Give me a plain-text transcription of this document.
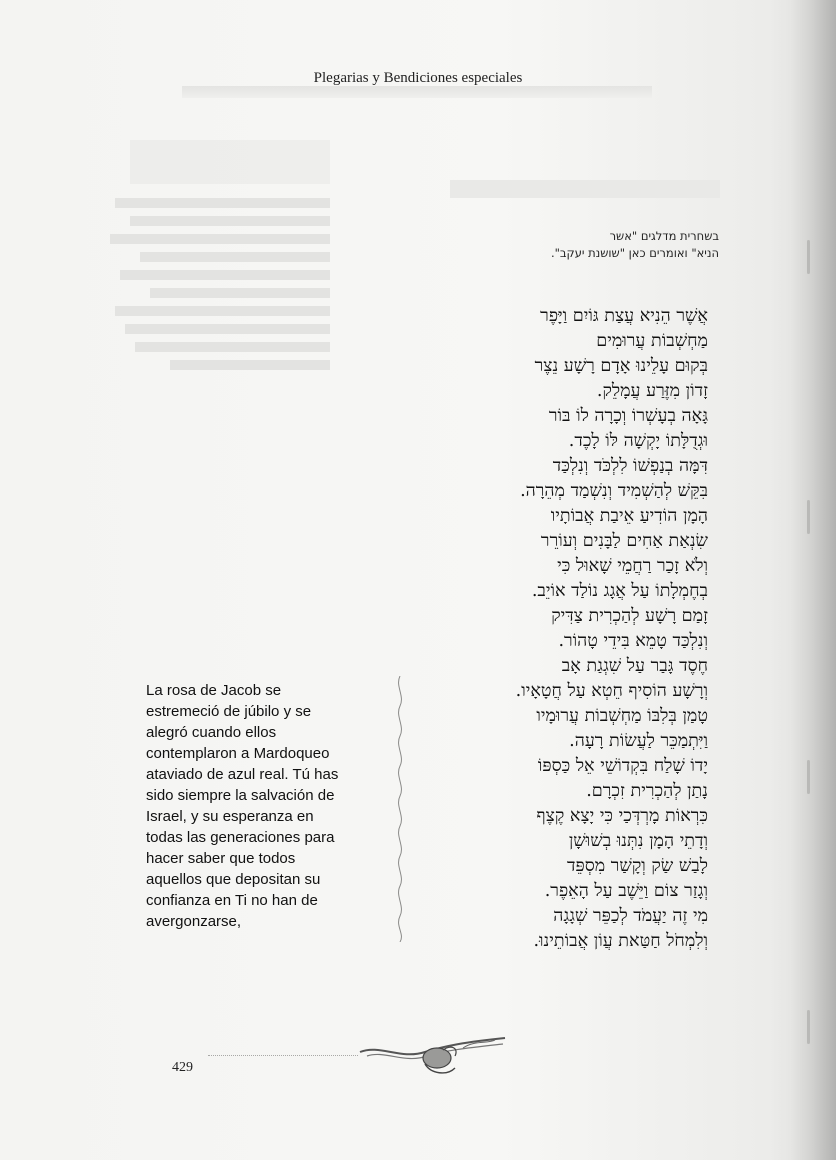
Plegarias y Bendiciones especiales
בשחרית מדלגים "אשר
הניא" ואומרים כאן "שושנת יעקב".
אֲשֶׁר הֵנִיא עֲצַת גּוֹיִם וַיָּפֶר
מַחְשְׁבוֹת עֲרוּמִים
בְּקוּם עָלֵינוּ אָדָם רָשָׁע נֵצֶר
זָדוֹן מִזֶּרַע עֲמָלֵק.
גָּאָה בְעָשְׁרוֹ וְכָרָה לוֹ בּוֹר
וּגְדֻלָּתוֹ יָקְשָׁה לּוֹ לָכֶד.
דִּמָּה בְנַפְשׁוֹ לִלְכֹּד וְנִלְכַּד
בִּקֵּשׁ לְהַשְׁמִיד וְנִשְׁמַד מְהֵרָה.
הָמָן הוֹדִיעַ אֵיבַת אֲבוֹתָיו
שִׂנְאַת אַחִים לַבָּנִים וְעוֹרֵר
וְלֹא זָכַר רַחֲמֵי שָׁאוּל כִּי
בְחֶמְלָתוֹ עַל אֲגָג נוֹלַד אוֹיֵב.
זָמַם רָשָׁע לְהַכְרִית צַדִּיק
וְנִלְכַּד טָמֵא בִּידֵי טָהוֹר.
חֶסֶד גָּבַר עַל שִׁגְגַת אָב
וְרָשָׁע הוֹסִיף חֵטְא עַל חֲטָאָיו.
טָמַן בְּלִבּוֹ מַחְשְׁבוֹת עֲרוּמָיו
וַיִּתְמַכֵּר לַעֲשׂוֹת רָעָה.
יָדוֹ שָׁלַח בִּקְדוֹשֵׁי אֵל כַּסְפּוֹ
נָתַן לְהַכְרִית זִכְרָם.
כִּרְאוֹת מָרְדְּכַי כִּי יָצָא קֶצֶף
וְדָתֵי הָמָן נִתְּנוּ בְשׁוּשָׁן
לָבַשׁ שַׂק וְקָשַׁר מִסְפֵּד
וְגָזַר צוֹם וַיֵּשֶׁב עַל הָאֵפֶר.
מִי זֶה יַעֲמֹד לְכַפֵּר שְׁגָגָה
וְלִמְחֹל חַטַּאת עֲוֹן אֲבוֹתֵינוּ.
La rosa de Jacob se
estremeció de júbilo y se
alegró cuando ellos
contemplaron a Mardoqueo
ataviado de azul real. Tú has
sido siempre la salvación de
Israel, y su esperanza en
todas las generaciones para
hacer saber que todos
aquellos que depositan su
confianza en Ti no han de
avergonzarse,
429
